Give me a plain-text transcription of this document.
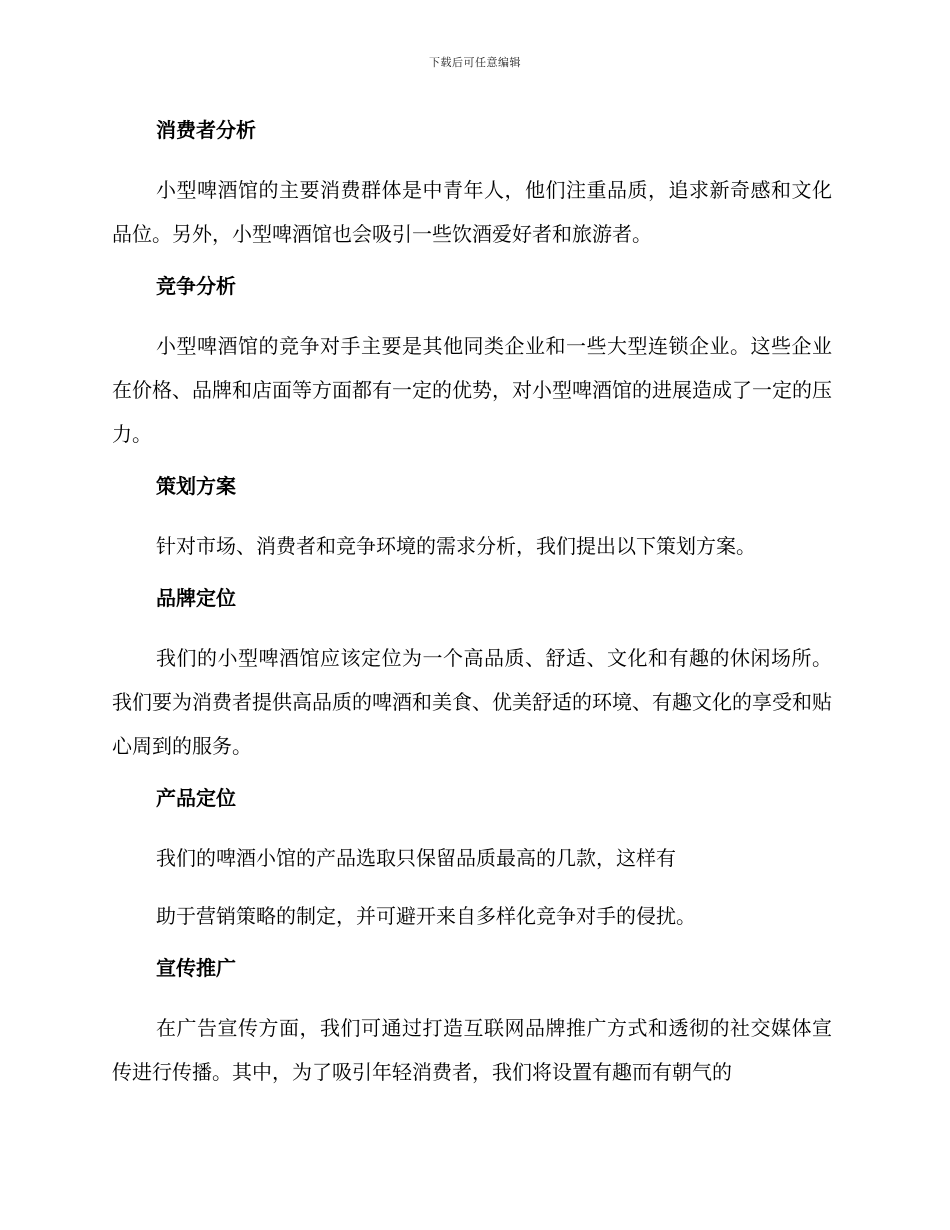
下载后可任意编辑
消费者分析

小型啤酒馆的主要消费群体是中青年人，他们注重品质，追求新奇感和文化品位。另外，小型啤酒馆也会吸引一些饮酒爱好者和旅游者。

竞争分析

小型啤酒馆的竞争对手主要是其他同类企业和一些大型连锁企业。这些企业在价格、品牌和店面等方面都有一定的优势，对小型啤酒馆的进展造成了一定的压力。

策划方案

针对市场、消费者和竞争环境的需求分析，我们提出以下策划方案。

品牌定位

我们的小型啤酒馆应该定位为一个高品质、舒适、文化和有趣的休闲场所。我们要为消费者提供高品质的啤酒和美食、优美舒适的环境、有趣文化的享受和贴心周到的服务。

产品定位

我们的啤酒小馆的产品选取只保留品质最高的几款，这样有

助于营销策略的制定，并可避开来自多样化竞争对手的侵扰。

宣传推广

在广告宣传方面，我们可通过打造互联网品牌推广方式和透彻的社交媒体宣传进行传播。其中，为了吸引年轻消费者，我们将设置有趣而有朝气的
